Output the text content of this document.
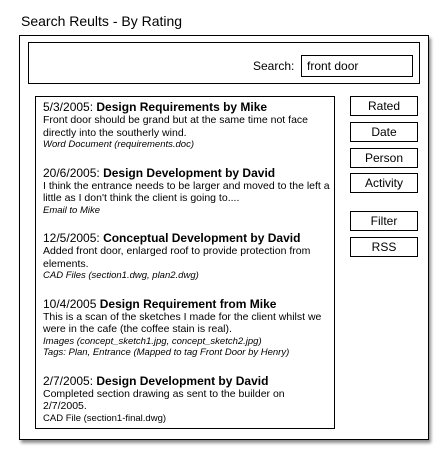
Search Reults - By Rating
Search:
front door

5/3/2005: Design Requirements by Mike

Front door should be grand but at the same time not face directly into the southerly wind.

Word Document (requirements.doc)

20/6/2005: Design Development by David

I think the entrance needs to be larger and moved to the left a little as I don't think the client is going to....

Email to Mike

12/5/2005: Conceptual Development by David

Added front door, enlarged roof to provide protection from elements.

CAD Files (section1.dwg, plan2.dwg)

10/4/2005 Design Requirement from Mike

This is a scan of the sketches I made for the client whilst we were in the cafe (the coffee stain is real).

Images (concept_sketch1.jpg, concept_sketch2.jpg)

Tags: Plan, Entrance (Mapped to tag Front Door by Henry)

2/7/2005: Design Development by David

Completed section drawing as sent to the builder on 2/7/2005.

CAD File (section1-final.dwg)

Rated
Date
Person
Activity
Filter
RSS
